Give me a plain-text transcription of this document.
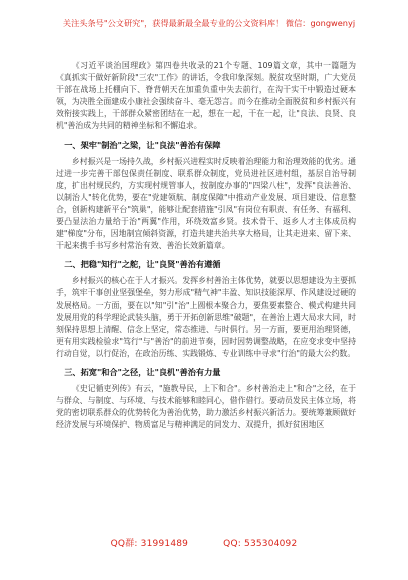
关注头条号"公文研究"，获得最新最全最专业的公文资料库！ 微信：gongwenyj

《习近平谈治国理政》第四卷共收录的21个专题、109篇文章，其中一篇题为《真抓实干做好新阶段"三农"工作》的讲话，令我印象深刻。脱贫攻坚时期，广大党员干部在战场上托棚向下、脊背朝天在加重负重中失去前行，在沟干实干中锻造过硬本领，为决胜全面建成小康社会强续奋斗、毫无怨言。而今在推动全面脱贫和乡村振兴有效衔接实践上，干部群众紧密团结在一起，想在一起，干在一起，让"良法、良贤、良机"善治成为共同的精神坐标和不懈追求。

一、架牢"制治"之梁，让"良法"善治有保障

乡村振兴是一场持久战，乡村振兴进程实时反映着治理能力和治理效能的优劣。通过进一步完善干部包保责任制度、联系群众制度，党员进社区进村组，基层自治导制度，扩出村规民约，方实现村规管事人，按制度办事的"四梁八柱"，发挥"良法善治、以制治人"转化优势，要在"党建领航、制度保障"中推动产业发展、项目建设、信息整合，创新构建新平台"筑巢"，能够让配套措施"引凤"有岗位有职责、有任务、有福利、要凸显法治力量给于治"两翼"作用，环绕效富乡贤。技术骨干、返乡人才主体成员构建"梯度"分布，因地制宜倾斜资源，打造共建共治共享大格局，让其走进来、留下来、干起来携手书写乡村常治有效、善治长效新篇章。

二、把稳"知行"之舵，让"良贤"善治有遵循

乡村振兴的核心在于人才振兴。发挥乡村善治主体优势，就要以思想建设为主要抓手，筑牢干事创业坚强堡垒，努力形成"精气神"丰盈、知识技能深厚、作风建设过硬的发展格局。一方面，要在以"知"引"治"上圆根本聚合力，要焦要素整合、模式构建共同发展用党的科学理论武装头脑，勇于开拓创新思维"破题"，在善治上遇大局求大同，时刻保持思想上清醒、信念上坚定，常态推进、与时俱行。另一方面，要更用治理贤德，更有用实践检验求"笃行"与"善治"的前进节奏，因时因势调整战略，在应变求变中坚持行动自觉，以行促治，在政治历练、实践锻炼、专业训练中寻求"行治"的最大公约数。

三、拓宽"和合"之径，让"良机"善治有力量

《史记循吏列传》有云，"施教导民，上下和合"。乡村善治走上"和合"之径，在于与群众、与制度、与环境、与技术能够和睦同心，借作借行。要动员发民主体立场，将党的密切联系群众的优势转化为善治优势，助力激活乡村振兴新活力。要统筹兼顾做好经济发展与环境保护、物质富足与精神满足的同发力、双提升，抓好贫困地区

QQ群: 31991489	QQ: 535304092
